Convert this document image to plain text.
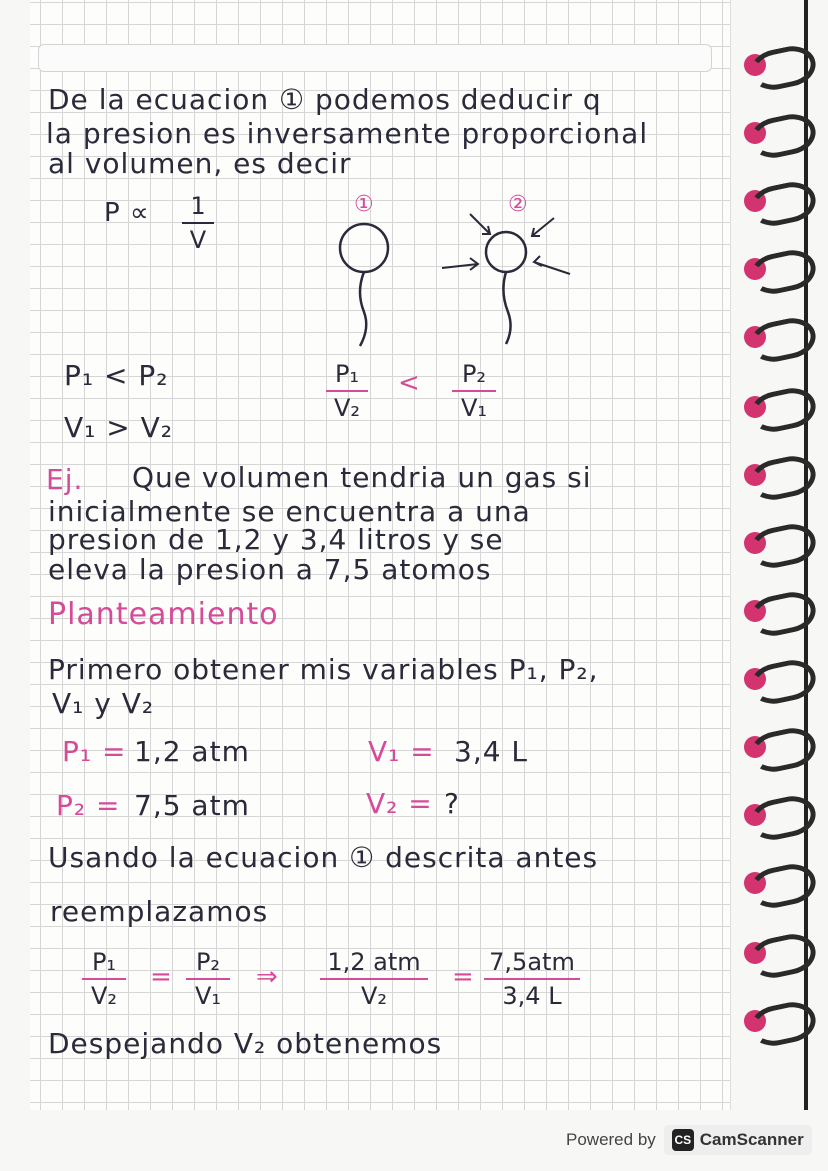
De la ecuacion ① podemos deducir q
la presion es inversamente proporcional
al volumen, es decir
P ∝	1
V
①	②
P₁ < P₂
V₁ > V₂
P₁
V₂
<	P₂
V₁
Ej. Que volumen tendria un gas si
inicialmente se encuentra a una
presion de 1,2 y 3,4 litros y se
eleva la presion a 7,5 atomos
Planteamiento
Primero obtener mis variables P₁, P₂,
V₁ y V₂
P₁ = 1,2 atm	V₁ = 3,4 L
P₂ = 7,5 atm	V₂ = ?
Usando la ecuacion ① descrita antes
reemplazamos
P₁
V₂
=	P₂
V₁
⇒	1,2 atm
V₂
= 7,5atm
3,4 L
Despejando V₂ obtenemos
Powered by CS CamScanner
